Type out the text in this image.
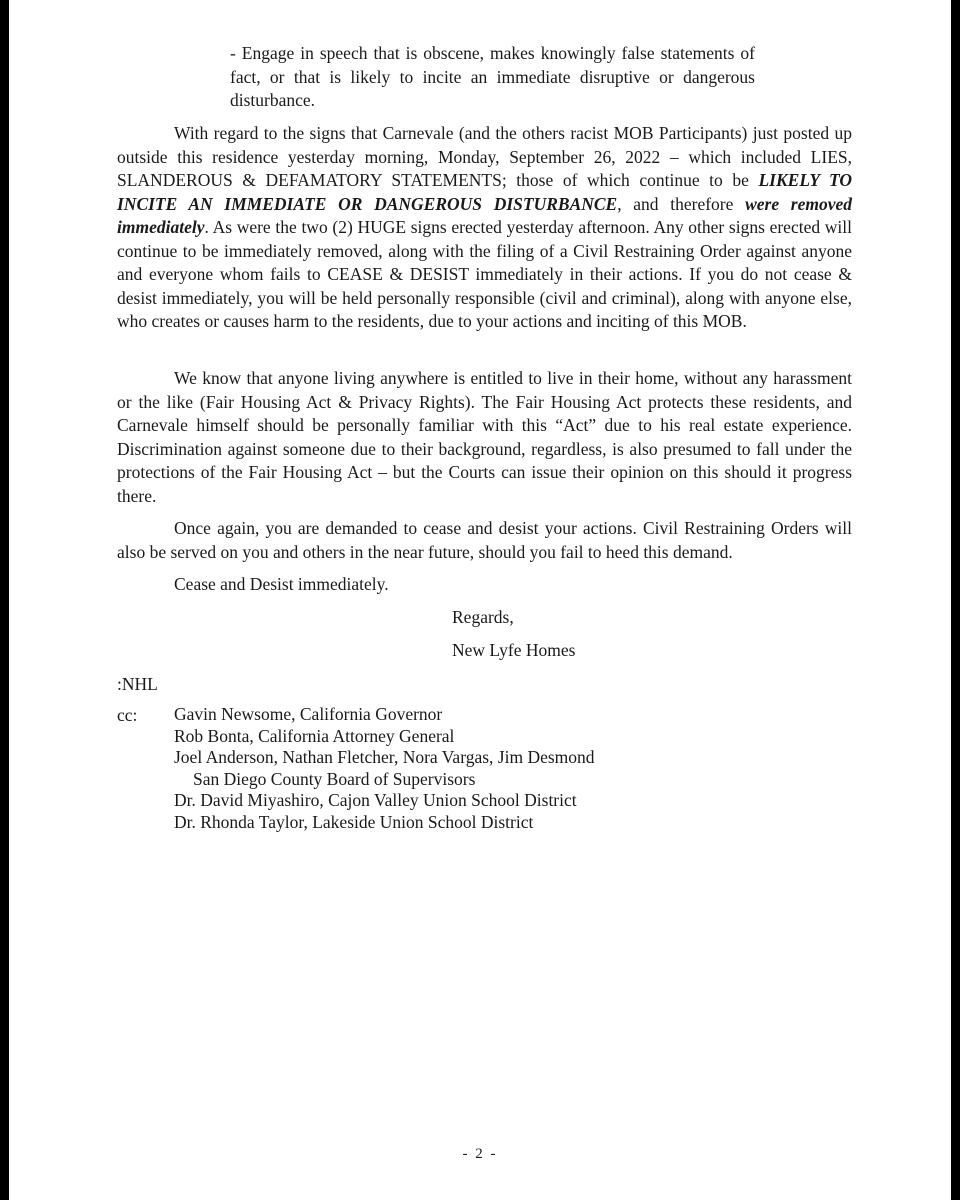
- Engage in speech that is obscene, makes knowingly false statements of fact, or that is likely to incite an immediate disruptive or dangerous disturbance.

With regard to the signs that Carnevale (and the others racist MOB Participants) just posted up outside this residence yesterday morning, Monday, September 26, 2022 – which included LIES, SLANDEROUS & DEFAMATORY STATEMENTS; those of which continue to be LIKELY TO INCITE AN IMMEDIATE OR DANGEROUS DISTURBANCE, and therefore were removed immediately. As were the two (2) HUGE signs erected yesterday afternoon. Any other signs erected will continue to be immediately removed, along with the filing of a Civil Restraining Order against anyone and everyone whom fails to CEASE & DESIST immediately in their actions. If you do not cease & desist immediately, you will be held personally responsible (civil and criminal), along with anyone else, who creates or causes harm to the residents, due to your actions and inciting of this MOB.

We know that anyone living anywhere is entitled to live in their home, without any harassment or the like (Fair Housing Act & Privacy Rights). The Fair Housing Act protects these residents, and Carnevale himself should be personally familiar with this “Act” due to his real estate experience. Discrimination against someone due to their background, regardless, is also presumed to fall under the protections of the Fair Housing Act – but the Courts can issue their opinion on this should it progress there.

Once again, you are demanded to cease and desist your actions. Civil Restraining Orders will also be served on you and others in the near future, should you fail to heed this demand.

Cease and Desist immediately.
Regards,
New Lyfe Homes
:NHL
cc: Gavin Newsome, California Governor
Rob Bonta, California Attorney General
Joel Anderson, Nathan Fletcher, Nora Vargas, Jim Desmond
San Diego County Board of Supervisors
Dr. David Miyashiro, Cajon Valley Union School District
Dr. Rhonda Taylor, Lakeside Union School District
- 2 -
